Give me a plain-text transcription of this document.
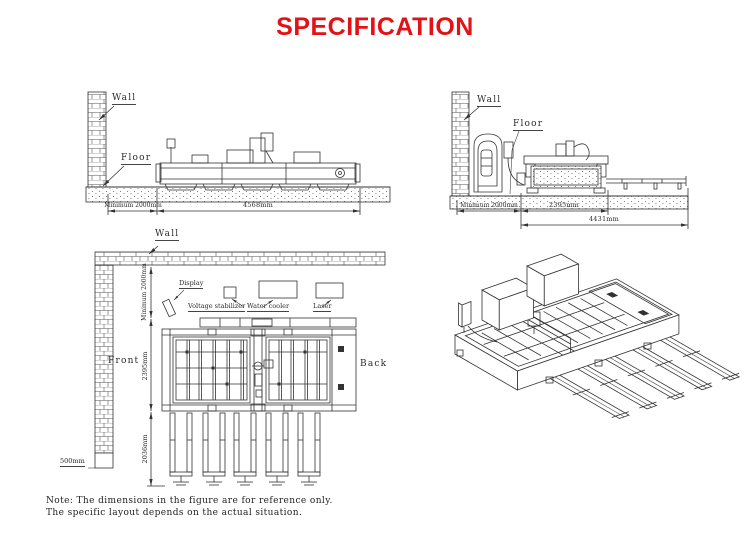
SPECIFICATION
Wall
Floor
Minimum 2000mm	4568mm
Wall
Floor
Minimum 2000mm	2395mm
4431mm
Wall
Front	Back
Display
Voltage stabilizer Water cooler	Laser
Minimum 2000mm
2395mm
2036mm
500mm
Note: The dimensions in the figure are for reference only.
The specific layout depends on the actual situation.
